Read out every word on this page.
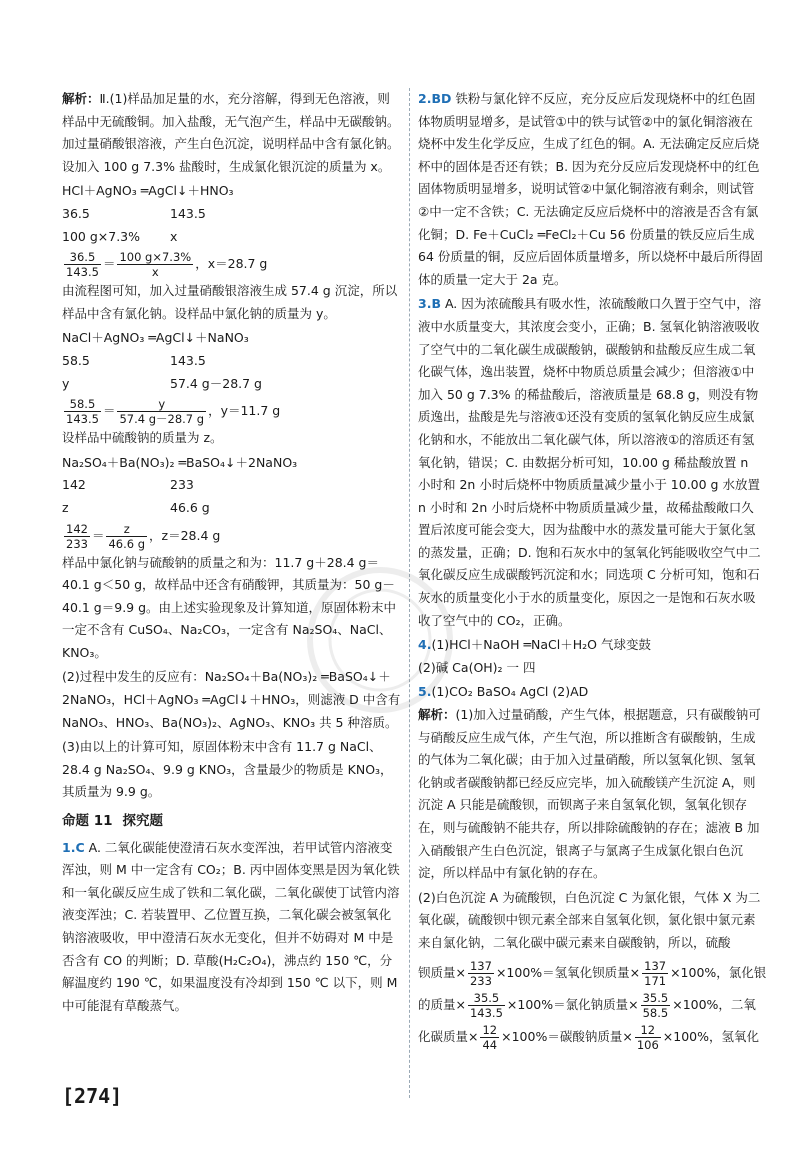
解析：Ⅱ.(1)样品加足量的水，充分溶解，得到无色溶液，则样品中无硫酸铜。加入盐酸，无气泡产生，样品中无碳酸钠。加过量硝酸银溶液，产生白色沉淀，说明样品中含有氯化钠。设加入 100 g 7.3% 盐酸时，生成氯化银沉淀的质量为 x。

HCl＋AgNO₃ ═AgCl↓＋HNO₃
36.5	143.5
100 g×7.3% x
$\frac{36.5}{143.5} = \frac{100 g\times 7.3\%}{x}$ ，x＝28.7 g

由流程图可知，加入过量硝酸银溶液生成 57.4 g 沉淀，所以样品中含有氯化钠。设样品中氯化钠的质量为 y。

NaCl＋AgNO₃ ═AgCl↓＋NaNO₃
58.5	143.5
y	57.4 g－28.7 g
$\frac{58.5}{143.5} = \frac{y}{57.4 g-28.7 g}$ ，y＝11.7 g

设样品中硫酸钠的质量为 z。

Na₂SO₄＋Ba(NO₃)₂ ═BaSO₄↓＋2NaNO₃
142	233
z	46.6 g
$\frac{142}{233} = \frac{z}{46.6 g}$ ，z＝28.4 g

样品中氯化钠与硫酸钠的质量之和为：11.7 g＋28.4 g＝40.1 g＜50 g，故样品中还含有硝酸钾，其质量为：50 g－40.1 g＝9.9 g。由上述实验现象及计算知道，原固体粉末中一定不含有 CuSO₄、Na₂CO₃，一定含有 Na₂SO₄、NaCl、KNO₃。

(2)过程中发生的反应有：Na₂SO₄＋Ba(NO₃)₂ ═BaSO₄↓＋2NaNO₃，HCl＋AgNO₃ ═AgCl↓＋HNO₃，则滤液 D 中含有 NaNO₃、HNO₃、Ba(NO₃)₂、AgNO₃、KNO₃ 共 5 种溶质。

(3)由以上的计算可知，原固体粉末中含有 11.7 g NaCl、28.4 g Na₂SO₄、9.9 g KNO₃，含量最少的物质是 KNO₃，其质量为 9.9 g。

命题 11 探究题

1.C A. 二氧化碳能使澄清石灰水变浑浊，若甲试管内溶液变浑浊，则 M 中一定含有 CO₂；B. 丙中固体变黑是因为氧化铁和一氧化碳反应生成了铁和二氧化碳，二氧化碳使丁试管内溶液变浑浊；C. 若装置甲、乙位置互换，二氧化碳会被氢氧化钠溶液吸收，甲中澄清石灰水无变化，但并不妨碍对 M 中是否含有 CO 的判断；D. 草酸(H₂C₂O₄)，沸点约 150 ℃，分解温度约 190 ℃，如果温度没有冷却到 150 ℃ 以下，则 M 中可能混有草酸蒸气。

2.BD 铁粉与氯化锌不反应，充分反应后发现烧杯中的红色固体物质明显增多，是试管①中的铁与试管②中的氯化铜溶液在烧杯中发生化学反应，生成了红色的铜。A. 无法确定反应后烧杯中的固体是否还有铁；B. 因为充分反应后发现烧杯中的红色固体物质明显增多，说明试管②中氯化铜溶液有剩余，则试管②中一定不含铁；C. 无法确定反应后烧杯中的溶液是否含有氯化铜；D. Fe＋CuCl₂ ═FeCl₂＋Cu 56 份质量的铁反应后生成 64 份质量的铜，反应后固体质量增多，所以烧杯中最后所得固体的质量一定大于 2a 克。

3.B A. 因为浓硫酸具有吸水性，浓硫酸敞口久置于空气中，溶液中水质量变大，其浓度会变小，正确；B. 氢氧化钠溶液吸收了空气中的二氧化碳生成碳酸钠，碳酸钠和盐酸反应生成二氧化碳气体，逸出装置，烧杯中物质总质量会减少；但溶液①中加入 50 g 7.3% 的稀盐酸后，溶液质量是 68.8 g，则没有物质逸出，盐酸是先与溶液①还没有变质的氢氧化钠反应生成氯化钠和水，不能放出二氧化碳气体，所以溶液①的溶质还有氢氧化钠，错误；C. 由数据分析可知，10.00 g 稀盐酸放置 n 小时和 2n 小时后烧杯中物质质量减少量小于 10.00 g 水放置 n 小时和 2n 小时后烧杯中物质质量减少量，故稀盐酸敞口久置后浓度可能会变大，因为盐酸中水的蒸发量可能大于氯化氢的蒸发量，正确；D. 饱和石灰水中的氢氧化钙能吸收空气中二氧化碳反应生成碳酸钙沉淀和水；同选项 C 分析可知，饱和石灰水的质量变化小于水的质量变化，原因之一是饱和石灰水吸收了空气中的 CO₂，正确。

4.(1)HCl＋NaOH ═NaCl＋H₂O 气球变鼓
(2)碱 Ca(OH)₂ 一 四
5.(1)CO₂ BaSO₄ AgCl (2)AD

解析：(1)加入过量硝酸，产生气体，根据题意，只有碳酸钠可与硝酸反应生成气体，产生气泡，所以推断含有碳酸钠，生成的气体为二氧化碳；由于加入过量硝酸，所以氢氧化钡、氢氧化钠或者碳酸钠都已经反应完毕，加入硫酸镁产生沉淀 A，则沉淀 A 只能是硫酸钡，而钡离子来自氢氧化钡，氢氧化钡存在，则与硫酸钠不能共存，所以排除硫酸钠的存在；滤液 B 加入硝酸银产生白色沉淀，银离子与氯离子生成氯化银白色沉淀，所以样品中有氯化钠的存在。

(2)白色沉淀 A 为硫酸钡，白色沉淀 C 为氯化银，气体 X 为二氧化碳，硫酸钡中钡元素全部来自氢氧化钡，氯化银中氯元素来自氯化钠，二氧化碳中碳元素来自碳酸钠，所以，硫酸

钡质量× $\frac{137}{233} \times 100\%=$氢氧化钡质量× $\frac{137}{171} \times 100\%$，氯化银
的质量× $\frac{35.5}{143.5} \times 100\%=$氯化钠质量× $\frac{35.5}{58.5} \times 100\%$，二氧
化碳质量× $\frac{12}{44} \times 100\%=$碳酸钠质量× $\frac{12}{106} \times 100\%$，氢氧化
[274]
